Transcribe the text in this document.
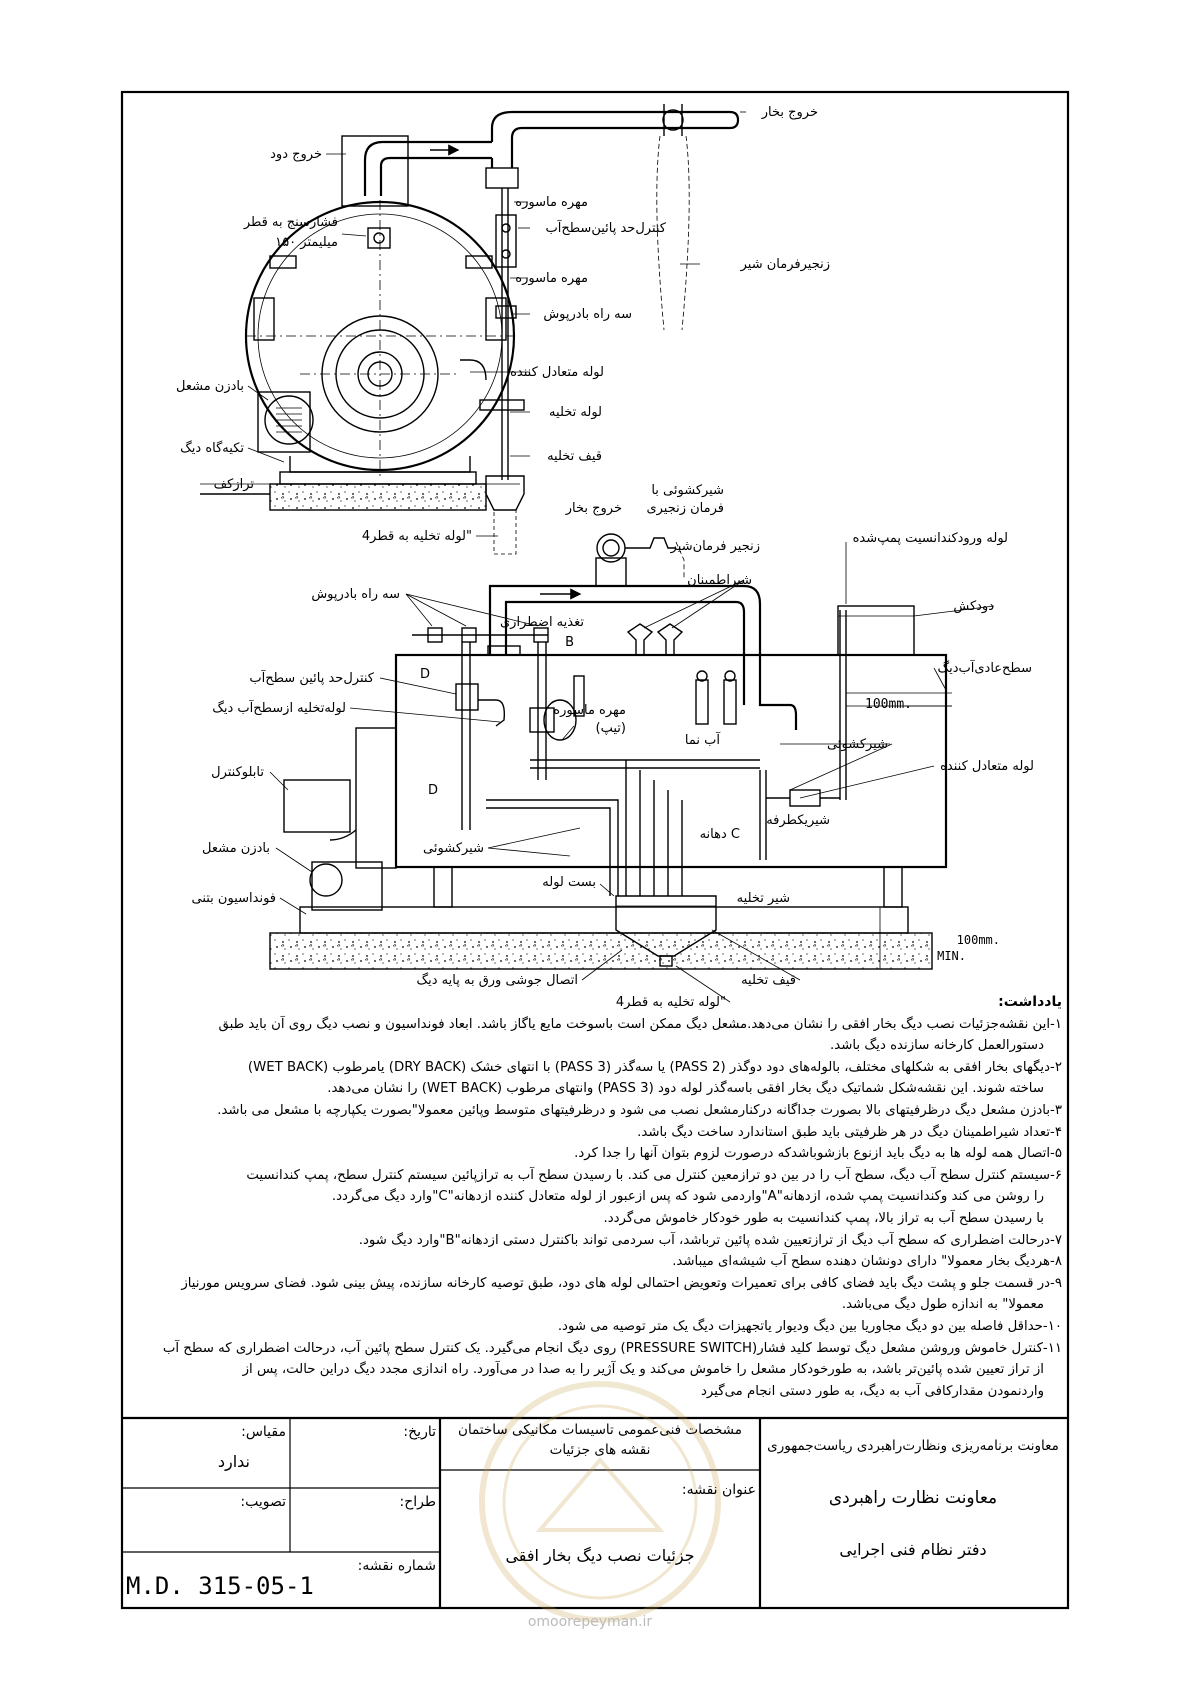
خروج دود
خروج بخار
مهره ماسوره
کنترل‌حد پائین‌سطح‌آب
زنجیرفرمان شیر
مهره ماسوره
سه راه بادرپوش
فشارسنج به قطر
۱۵۰ میلیمتر
لوله متعادل کننده
بادزن مشعل
لوله تخلیه
تکیه‌گاه دیگ
قیف تخلیه
ترازکف
لوله تخلیه به قطر4"
شیرکشوئی با
فرمان زنجیری
خروج بخار
لوله ورودکندانسیت پمپ‌شده
سه راه بادرپوش
زنجیر فرمان‌شیر
شیراطمینان
دودکش
تغذیه اضطراری
سطح‌عادی‌آب‌دیگ
کنترل‌حد پائین سطح‌آب
لوله‌تخلیه ازسطح‌آب دیگ	مهره ماسوره
(تیپ)
100mm.
آب نما	شیرکشوئی
تابلوکنترل	لوله متعادل کننده
شیریکطرفه
شیرکشوئی
دهانه C
بادزن مشعل
بست لوله
شیر تخلیه
فونداسیون بتنی
100mm.
MIN.
اتصال جوشی ورق به پایه دیگ	قیف تخلیه
لوله تخلیه به قطر4"
B
D
D

یادداشت:

۱-این نقشه‌جزئیات نصب دیگ بخار افقی را نشان می‌دهد.مشعل دیگ ممکن است باسوخت مایع یاگاز باشد. ابعاد فونداسیون و نصب دیگ روی آن باید طبق

دستورالعمل کارخانه سازنده دیگ باشد.

۲-دیگهای بخار افقی به شکلهای مختلف، بالوله‌های دود دوگذر (2 PASS) یا سه‌گذر (3 PASS) با انتهای خشک (DRY BACK) یامرطوب (WET BACK)

ساخته شوند. این نقشه‌شکل شماتیک دیگ بخار افقی باسه‌گذر لوله دود (3 PASS) وانتهای مرطوب (WET BACK) را نشان می‌دهد.

۳-بادزن مشعل دیگ درظرفیتهای بالا بصورت جداگانه درکنارمشعل نصب می شود و درظرفیتهای متوسط وپائین معمولا"بصورت یکپارچه با مشعل می باشد.

۴-تعداد شیراطمینان دیگ در هر ظرفیتی باید طبق استاندارد ساخت دیگ باشد.

۵-اتصال همه لوله ها به دیگ باید ازنوع بازشوباشدکه درصورت لزوم بتوان آنها را جدا کرد.

۶-سیستم کنترل سطح آب دیگ، سطح آب را در بین دو ترازمعین کنترل می کند. با رسیدن سطح آب به ترازپائین سیستم کنترل سطح، پمپ کندانسیت

را روشن می کند وکندانسیت پمپ شده، ازدهانه"A"واردمی شود که پس ازعبور از لوله متعادل کننده ازدهانه"C"وارد دیگ می‌گردد.

با رسیدن سطح آب به تراز بالا، پمپ کندانسیت به طور خودکار خاموش می‌گردد.

۷-درحالت اضطراری که سطح آب دیگ از ترازتعیین شده پائین ترباشد، آب سردمی تواند باکنترل دستی ازدهانه"B"وارد دیگ شود.

۸-هردیگ بخار معمولا" دارای دونشان دهنده سطح آب شیشه‌ای میباشد.

۹-در قسمت جلو و پشت دیگ باید فضای کافی برای تعمیرات وتعویض احتمالی لوله های دود، طبق توصیه کارخانه سازنده، پیش بینی شود. فضای سرویس مورنیاز

معمولا" به اندازه طول دیگ می‌باشد.

۱۰-حداقل فاصله بین دو دیگ مجاوریا بین دیگ وديوار یاتجهیزات دیگ یک متر توصیه می شود.

۱۱-کنترل خاموش وروشن مشعل دیگ توسط کلید فشار(PRESSURE SWITCH) روی دیگ انجام می‌گیرد. یک کنترل سطح پائین آب، درحالت اضطراری که سطح آب

از تراز تعیین شده پائین‌تر باشد، به طورخودکار مشعل را خاموش می‌کند و یک آژیر را به صدا در می‌آورد. راه اندازی مجدد دیگ دراین حالت، پس از

واردنمودن مقدارکافی آب به دیگ، به طور دستی انجام می‌گیرد

معاونت برنامه‌ریزی ونظارت‌راهبردی ریاست‌جمهوری
معاونت نظارت راهبردی
دفتر نظام فنی اجرایی
مشخصات فنی‌عمومی تاسیسات مکانیکی ساختمان
نقشه های جزئیات
عنوان نقشه:
جزئیات نصب دیگ بخار افقی
تاریخ:
طراح:
شماره نقشه:
M.D. 315-05-1
مقیاس:
ندارد
تصویب:
omoorepeyman.ir
